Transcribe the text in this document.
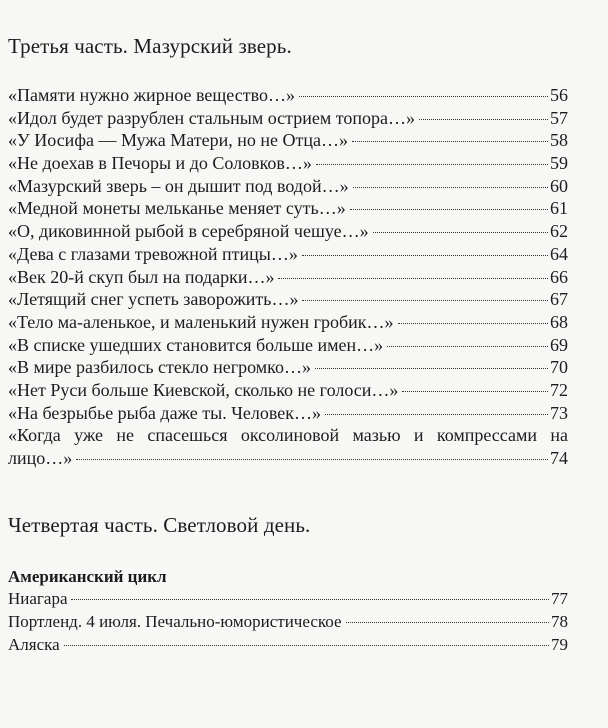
Третья часть. Мазурский зверь.
«Памяти нужно жирное вещество…»	56
«Идол будет разрублен стальным острием топора…»	57
«У Иосифа — Мужа Матери, но не Отца…»	58
«Не доехав в Печоры и до Соловков…»	59
«Мазурский зверь – он дышит под водой…»	60
«Медной монеты мельканье меняет суть…»	61
«О, диковинной рыбой в серебряной чешуе…»	62
«Дева с глазами тревожной птицы…»	64
«Век 20-й скуп был на подарки…»	66
«Летящий снег успеть заворожить…»	67
«Тело ма-аленькое, и маленький нужен гробик…»	68
«В списке ушедших становится больше имен…»	69
«В мире разбилось стекло негромко…»	70
«Нет Руси больше Киевской, сколько не голоси…»	72
«На безрыбье рыба даже ты. Человек…»	73
«Когда уже не спасешься оксолиновой мазью и компрессами на
лицо…»	74
Четвертая часть. Светловой день.
Американский цикл
Ниагара	77
Портленд. 4 июля. Печально-юмористическое	78
Аляска	79
